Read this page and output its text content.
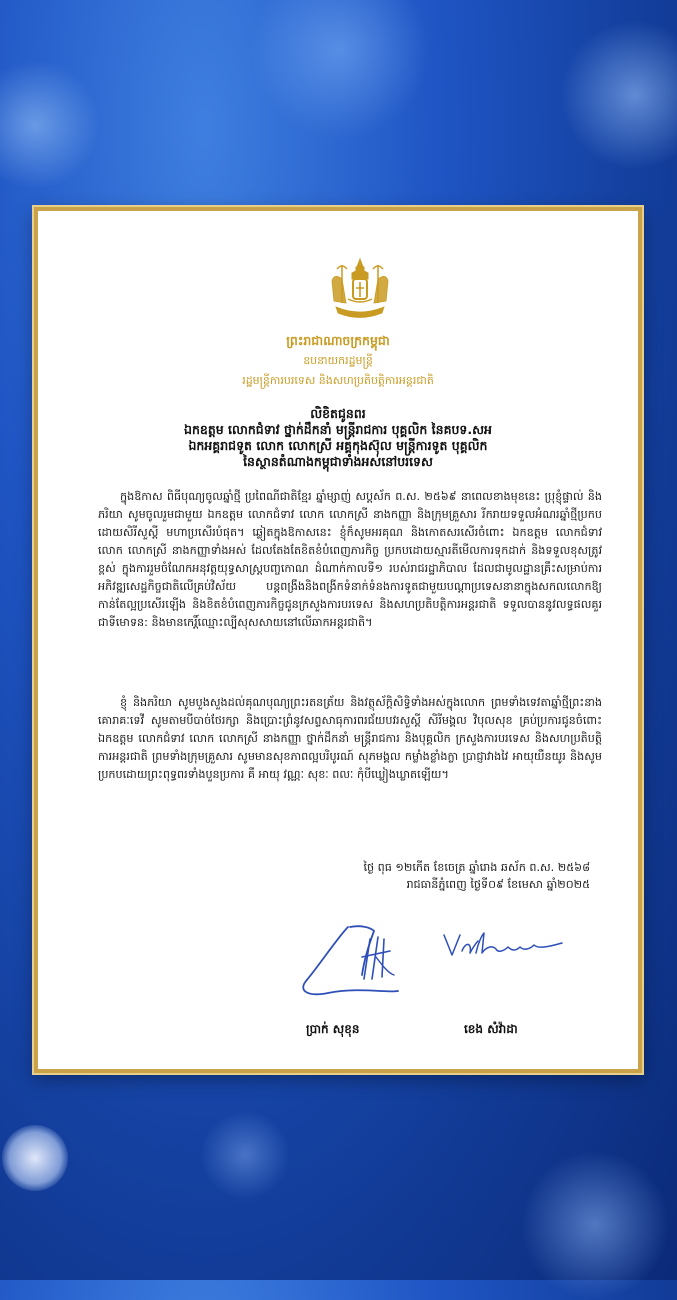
ព្រះរាជាណាចក្រកម្ពុជា
ឧបនាយករដ្ឋមន្ត្រី
រដ្ឋមន្ត្រីការបរទេស និងសហប្រតិបត្តិការអន្តរជាតិ
លិខិតជូនពរ
ឯកឧត្តម លោកជំទាវ ថ្នាក់ដឹកនាំ មន្ត្រីរាជការ បុគ្គលិក នៃគបទ.សអ
ឯកអគ្គរាជទូត លោក លោកស្រី អគ្គកុងស៊ុល មន្ត្រីការទូត បុគ្គលិក
នៃស្ថានតំណាងកម្ពុជាទាំងអស់នៅបរទេស

ក្នុងឱកាស ពិធីបុណ្យចូលឆ្នាំថ្មី ប្រពៃណីជាតិខ្មែរ ឆ្នាំម្សាញ់ សប្តស័ក ព.ស. ២៥៦៩ នាពេលខាងមុខនេះ ប្រុខ្ញុំផ្ទាល់ និងភរិយា សូមចូលរួមជាមួយ ឯកឧត្តម លោកជំទាវ លោក លោកស្រី នាងកញ្ញា និងក្រុមគ្រួសារ រីករាយទទួលអំណរឆ្នាំថ្មីប្រកបដោយសិរីសួស្តី មហាប្រសើរបំផុត។ ឆ្លៀតក្នុងឱកាសនេះ ខ្ញុំក៏សូមអរគុណ និងកោតសរសើរចំពោះ ឯកឧត្តម លោកជំទាវ លោក លោកស្រី នាងកញ្ញាទាំងអស់ ដែលតែងតែខិតខំបំពេញភារកិច្ច ប្រកបដោយស្មារតីមើលការទុកដាក់ និងទទួលខុសត្រូវខ្ពស់ ក្នុងការរួមចំណែកអនុវត្តយុទ្ធសាស្ត្របញ្ចកោណ ដំណាក់កាលទី១ របស់រាជរដ្ឋាភិបាល ដែលជាមូលដ្ឋានគ្រឹះសម្រាប់ការអភិវឌ្ឍសេដ្ឋកិច្ចជាតិលើគ្រប់វិស័យ បន្តពង្រឹងនិងពង្រីកទំនាក់ទំនងការទូតជាមួយបណ្តាប្រទេសនានាក្នុងសកលលោកឱ្យកាន់តែល្អប្រសើរឡើង និងខិតខំបំពេញភារកិច្ចជូនក្រសួងការបរទេស និងសហប្រតិបត្តិការអន្តរជាតិ ទទួលបាននូវលទ្ធផលគួរជាទីមោទន: និងមានកេរ្តិ៍ឈ្មោះល្បីសុសសាយនៅលើឆាកអន្តរជាតិ។

ខ្ញុំ និងភរិយា សូមបួងសួងដល់គុណបុណ្យព្រះរតនត្រ័យ និងវត្ថុស័ក្តិសិទ្ធិទាំងអស់ក្នុងលោក ព្រមទាំងទេវតាឆ្នាំថ្មីព្រះនាងគោរាគៈទេវី សូមតាមបីបាច់ថែរក្សា និងប្រោះព្រំនូវសព្ទសាធុការពរជ័យបវរសួស្តី សិរីមង្គល វិបុលសុខ គ្រប់ប្រការជូនចំពោះ ឯកឧត្តម លោកជំទាវ លោក លោកស្រី នាងកញ្ញា ថ្នាក់ដឹកនាំ មន្ត្រីរាជការ និងបុគ្គលិក ក្រសួងការបរទេស និងសហប្រតិបត្តិការអន្តរជាតិ ព្រមទាំងក្រុមគ្រួសារ សូមមានសុខភាពល្អបរិបូរណ៍ សុភមង្គល កម្លាំងខ្លាំងក្លា ប្រាជ្ញាវាងវៃ អាយុយឺនយូរ និងសូមប្រកបដោយព្រះពុទ្ធពរទាំងបួនប្រការ គឺ អាយុ វណ្ណៈ សុខៈ ពលៈ កុំបីឃ្លៀងឃ្លាតឡើយ។

ថ្ងៃ ពុធ ១២កើត ខែចេត្រ ឆ្នាំរោង ឆស័ក ព.ស. ២៥៦៨
រាជធានីភ្នំពេញ ថ្ងៃទី០៩ ខែមេសា ឆ្នាំ២០២៥
ប្រាក់ សុខុន	ខេង សំវ៉ាដា
